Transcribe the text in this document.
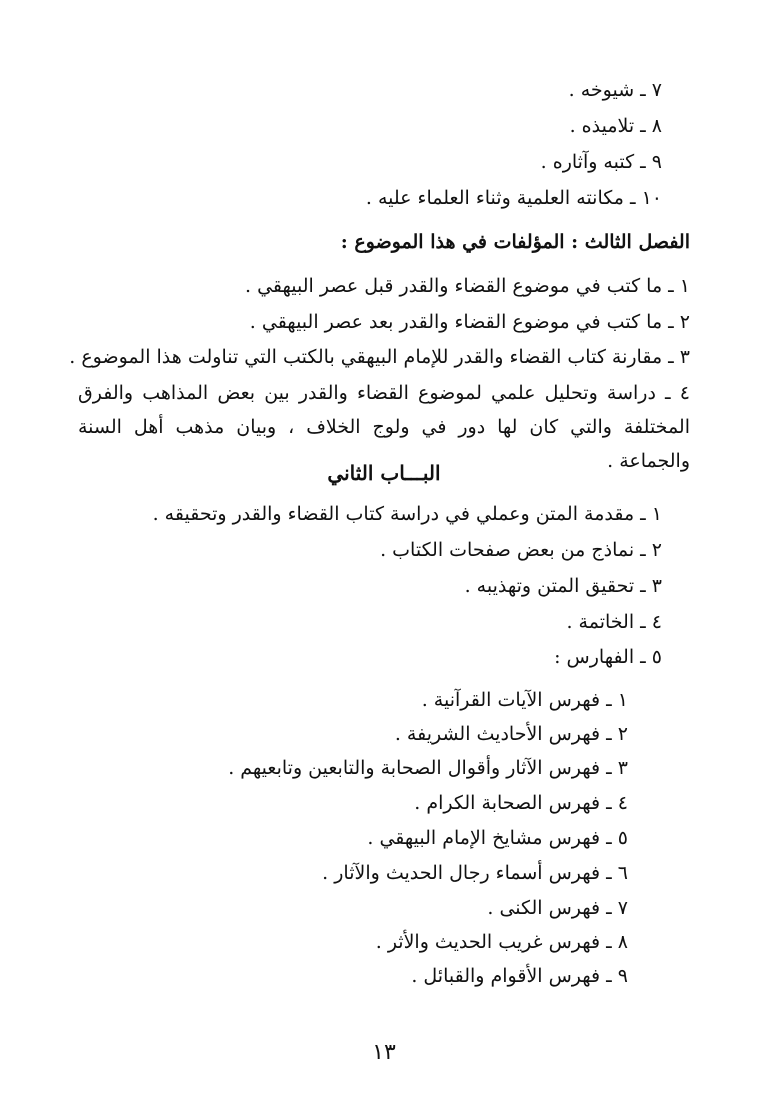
٧ ـ شيوخه .
٨ ـ تلاميذه .
٩ ـ كتبه وآثاره .
١٠ ـ مكانته العلمية وثناء العلماء عليه .
الفصل الثالث : المؤلفات في هذا الموضوع :
١ ـ ما كتب في موضوع القضاء والقدر قبل عصر البيهقي .
٢ ـ ما كتب في موضوع القضاء والقدر بعد عصر البيهقي .
٣ ـ مقارنة كتاب القضاء والقدر للإمام البيهقي بالكتب التي تناولت هذا الموضوع .
٤ ـ دراسة وتحليل علمي لموضوع القضاء والقدر بين بعض المذاهب والفرق المختلفة والتي كان لها دور في ولوج الخلاف ، وبيان مذهب أهل السنة والجماعة .
البـــاب الثاني
١ ـ مقدمة المتن وعملي في دراسة كتاب القضاء والقدر وتحقيقه .
٢ ـ نماذج من بعض صفحات الكتاب .
٣ ـ تحقيق المتن وتهذيبه .
٤ ـ الخاتمة .
٥ ـ الفهارس :
١ ـ فهرس الآيات القرآنية .
٢ ـ فهرس الأحاديث الشريفة .
٣ ـ فهرس الآثار وأقوال الصحابة والتابعين وتابعيهم .
٤ ـ فهرس الصحابة الكرام .
٥ ـ فهرس مشايخ الإمام البيهقي .
٦ ـ فهرس أسماء رجال الحديث والآثار .
٧ ـ فهرس الكنى .
٨ ـ فهرس غريب الحديث والأثر .
٩ ـ فهرس الأقوام والقبائل .
١٣
